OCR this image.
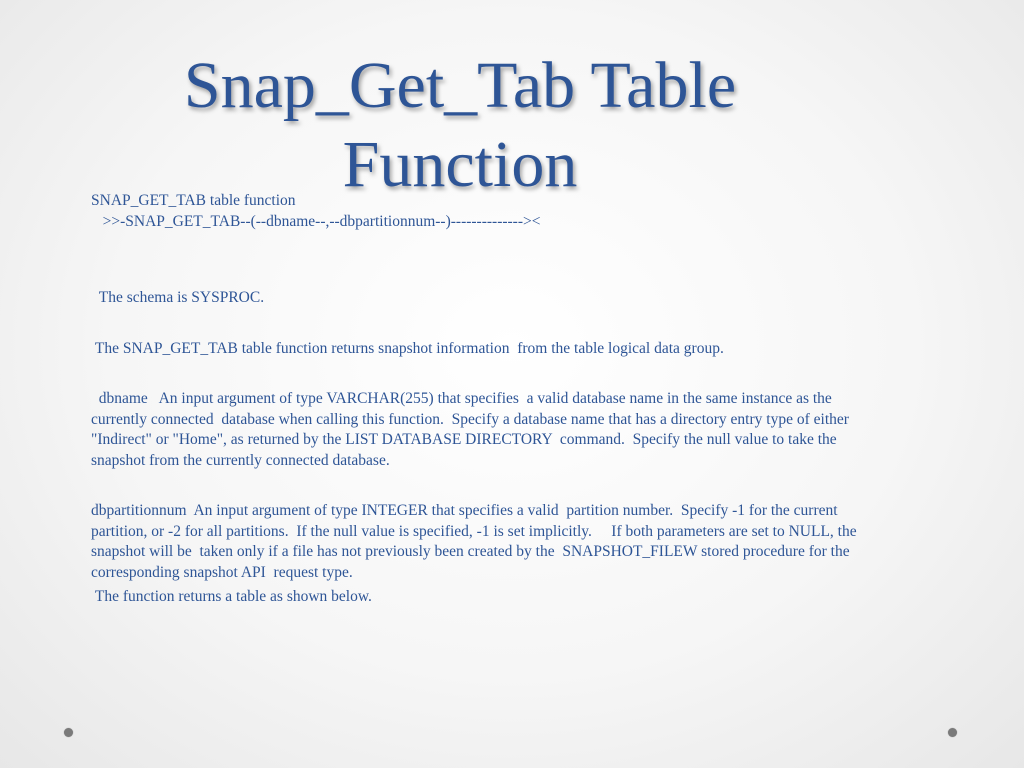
Snap_Get_Tab Table
Function

SNAP_GET_TAB table function

>>-SNAP_GET_TAB--(--dbname--,--dbpartitionnum--)--------------><

The schema is SYSPROC.

The SNAP_GET_TAB table function returns snapshot information  from the table logical data group.

dbname   An input argument of type VARCHAR(255) that specifies  a valid database name in the same instance as the currently connected  database when calling this function.  Specify a database name that has a directory entry type of either  "Indirect" or "Home", as returned by the LIST DATABASE DIRECTORY  command.  Specify the null value to take the snapshot from the currently connected database.

dbpartitionnum  An input argument of type INTEGER that specifies a valid  partition number.  Specify -1 for the current partition, or -2 for all partitions.  If the null value is specified, -1 is set implicitly.     If both parameters are set to NULL, the snapshot will be  taken only if a file has not previously been created by the  SNAPSHOT_FILEW stored procedure for the corresponding snapshot API  request type.

The function returns a table as shown below.
